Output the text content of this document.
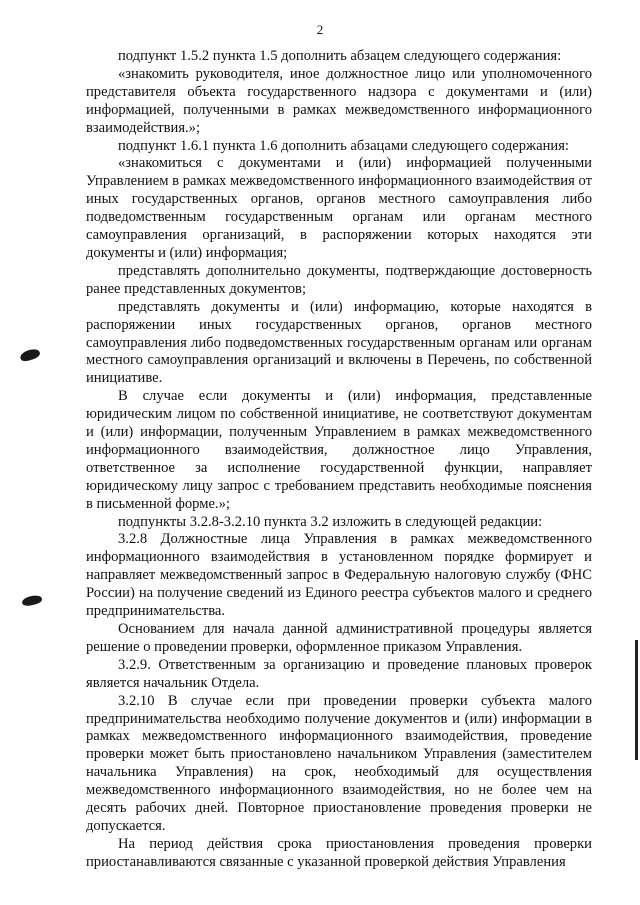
2

подпункт 1.5.2 пункта 1.5 дополнить абзацем следующего содержания:

«знакомить руководителя, иное должностное лицо или уполномоченного представителя объекта государственного надзора с документами и (или) информацией, полученными в рамках межведомственного информационного взаимодействия.»;

подпункт 1.6.1 пункта 1.6 дополнить абзацами следующего содержания:

«знакомиться с документами и (или) информацией полученными Управлением в рамках межведомственного информационного взаимодействия от иных государственных органов, органов местного самоуправления либо подведомственным государственным органам или органам местного самоуправления организаций, в распоряжении которых находятся эти документы и (или) информация;

представлять дополнительно документы, подтверждающие достоверность ранее представленных документов;

представлять документы и (или) информацию, которые находятся в распоряжении иных государственных органов, органов местного самоуправления либо подведомственных государственным органам или органам местного самоуправления организаций и включены в Перечень, по собственной инициативе.

В случае если документы и (или) информация, представленные юридическим лицом по собственной инициативе, не соответствуют документам и (или) информации, полученным Управлением в рамках межведомственного информационного взаимодействия, должностное лицо Управления, ответственное за исполнение государственной функции, направляет юридическому лицу запрос с требованием представить необходимые пояснения в письменной форме.»;

подпункты 3.2.8-3.2.10 пункта 3.2 изложить в следующей редакции:

3.2.8 Должностные лица Управления в рамках межведомственного информационного взаимодействия в установленном порядке формирует и направляет межведомственный запрос в Федеральную налоговую службу (ФНС России) на получение сведений из Единого реестра субъектов малого и среднего предпринимательства.

Основанием для начала данной административной процедуры является решение о проведении проверки, оформленное приказом Управления.

3.2.9. Ответственным за организацию и проведение плановых проверок является начальник Отдела.

3.2.10 В случае если при проведении проверки субъекта малого предпринимательства необходимо получение документов и (или) информации в рамках межведомственного информационного взаимодействия, проведение проверки может быть приостановлено начальником Управления (заместителем начальника Управления) на срок, необходимый для осуществления межведомственного информационного взаимодействия, но не более чем на десять рабочих дней. Повторное приостановление проведения проверки не допускается.

На период действия срока приостановления проведения проверки приостанавливаются связанные с указанной проверкой действия Управления
